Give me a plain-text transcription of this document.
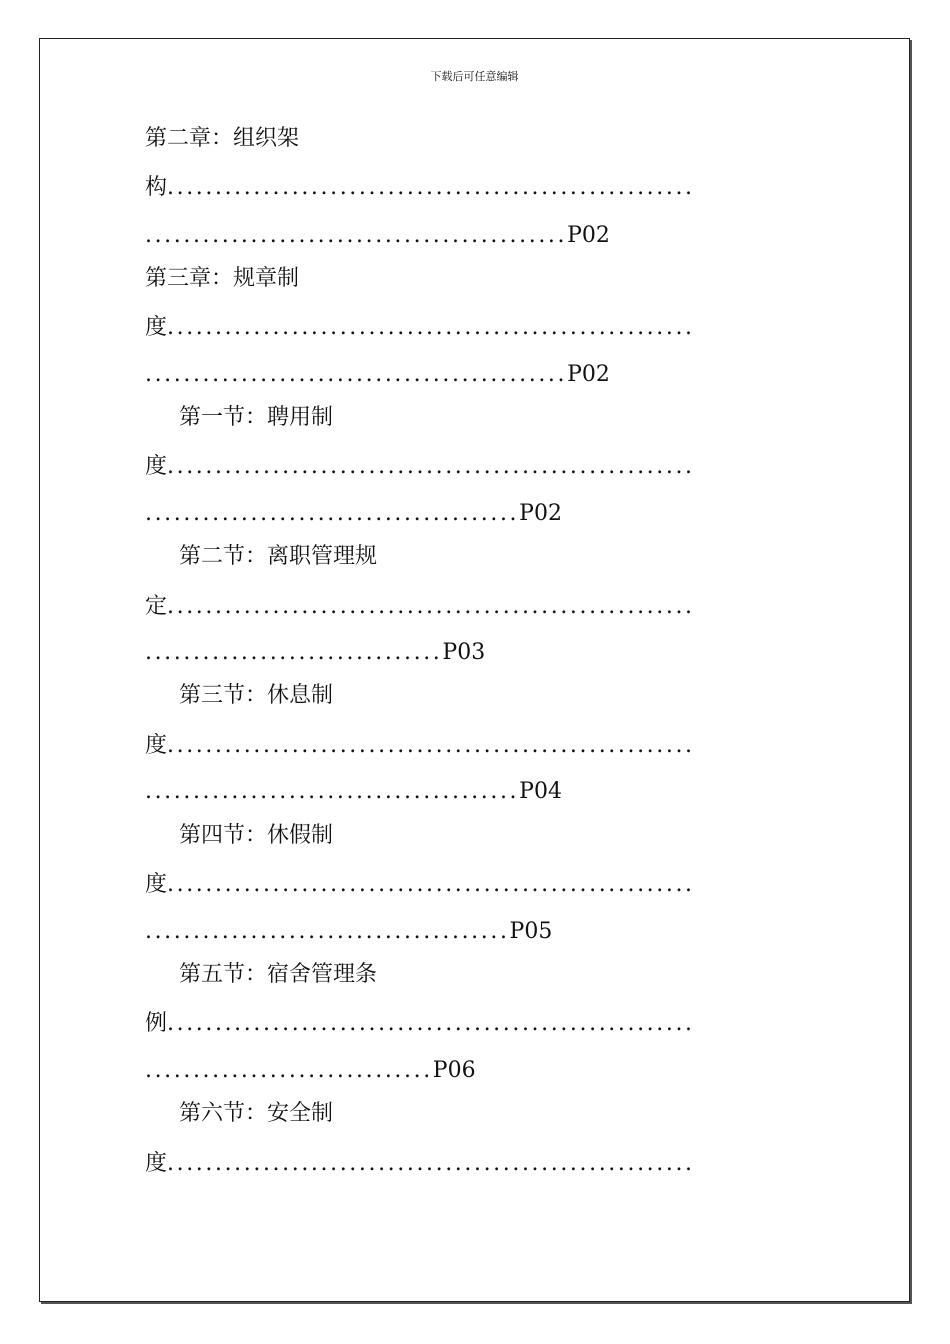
下载后可任意编辑
第二章：组织架
构.......................................................
............................................P02
第三章：规章制
度.......................................................
............................................P02
第一节：聘用制
度.......................................................
.......................................P02
第二节：离职管理规
定.......................................................
...............................P03
第三节：休息制
度.......................................................
.......................................P04
第四节：休假制
度.......................................................
......................................P05
第五节：宿舍管理条
例.......................................................
..............................P06
第六节：安全制
度.......................................................
